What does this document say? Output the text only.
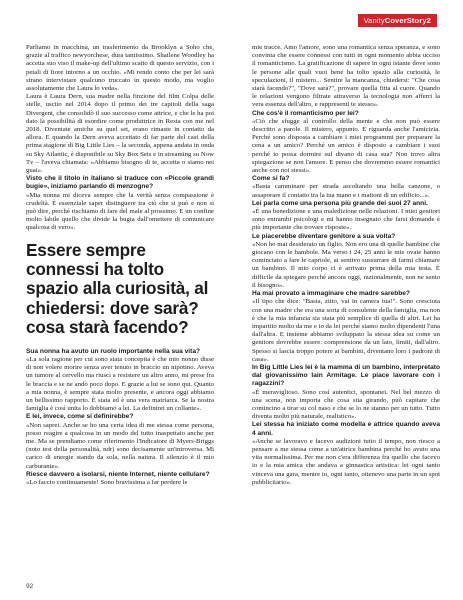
VanityCoverStory2

Parliamo in macchina, un trasferimento da Brooklyn a Soho che, grazie al traffico newyorchese, dura tantissimo. Shailene Woodley ha accetta suo viso il make-up dell'ultimo scatto di questo servizio, con i petali di fiore intorno a un occhio. «Mi rendo conto che per lei sarà strano intervistare qualcuno truccato in questo modo, ma voglio assolutamente che Laura lo veda».

Laura è Laura Dern, sua madre nella finzione del film Colpa delle stelle, uscito nel 2014 dopo il primo dei tre capitoli della saga Divergent, che consolidò il suo successo come attrice, e che le ha poi dato la possibilità di esordire come produttrice in Resta con me nel 2018. Diventate amiche su quel set, erano rimaste in contatto da allora. E quando la Dern aveva accettato di far parte del cast della prima stagione di Big Little Lies – la seconda, appena andata in onda su Sky Atlantic, è disponibile su Sky Box Sets e in streaming su Now Tv – l'aveva chiamata: «Abbiamo bisogno di te, accetta o siamo nei guai».

Visto che il titolo in italiano si traduce con «Piccole grandi bugie», iniziamo parlando di menzogne?

«Mia nonna mi diceva sempre che la verità senza compassione è crudeltà. È essenziale saper distinguere tra ciò che si può e non si può dire, perché rischiamo di fare del male al prossimo. E un confine molto labile quello che divide la bugia dall'omettere di comunicare qualcosa di vero».

Essere sempre connessi ha tolto spazio alla curiosità, al chiedersi: dove sarà? cosa starà facendo?

Sua nonna ha avuto un ruolo importante nella sua vita?

«La sola ragione per cui sono stata concepita è che mio nonno disse di non volere morire senza aver tenuto in braccio un nipotino. Aveva un tumore al cervello ma riuscì a resistere un altro anno, mi prese fra le braccia e se ne andò poco dopo. E grazie a lui se sono qui. Quanto a mia nonna, è sempre stata molto presente, e ancora oggi abbiamo un bellissimo rapporto. È stata ed è una vera matriarca. Se la nostra famiglia è così unita lo dobbiamo a lei. La definirei un collante».

E lei, invece, come si definirebbe?

«Non saprei. Anche se ho una certa idea di me stessa come persona, posso reagire a qualcosa in un modo del tutto inaspettato anche per me. Ma se prendiamo come riferimento l'Indicatore di Myers-Briggs (noto test della personalità, ndr) sono decisamente un'introversa. Mi carico di energie stando da sola, nella natura. Il silenzio è il mio carburante».

Riesce davvero a isolarsi, niente Internet, niente cellulare?

«Lo faccio continuamente! Sono bravissima a far perdere le

mie tracce. Amo l'amore, sono una romantica senza speranza, e sono convinta che essere connessi con tutti in ogni momento abbia ucciso il romanticismo. La gratificazione di sapere in ogni istante dove sono le persone alle quali vuoi bene ha tolto spazio alla curiosità, le speculazioni, il mistero... Sentire la mancanza, chiedersi: "Che cosa starà facendo?", "Dove sarà?", provare quella fitta al cuore. Quando le relazioni vengono filtrate attraverso la tecnologia non afferri la vera essenza dell'altro, e rappresenti te stesso».

Che cos'è il romanticismo per lei?

«Ciò che sfugge al controllo della mente e che non può essere descritto a parole. Il mistero, appunto. E riguarda anche l'amicizia. Perché sono disposta a cambiare i miei programmi per preparare la cena a un amico? Perché un amico è disposto a cambiare i suoi perché io possa dormire sul divano di casa sua? Non trovo altra spiegazione se non l'amore. E penso che dovremmo essere romantici anche con noi stessi».

Come si fa?

«Basta camminare per strada ascoltando una bella canzone, o assaporare il contatto tra la tua mano e i mattoni di un edificio...».

Lei parla come una persona più grande dei suoi 27 anni.

«È una benedizione e una maledizione nelle relazioni. I miei genitori sono entrambi psicologi e mi hanno insegnato che farsi domande è più importante che trovare risposte».

Le piacerebbe diventare genitore a sua volta?

«Non ho mai desiderato un figlio. Non ero una di quelle bambine che giocano con le bambole. Ma verso i 24, 25 anni le mie ovaie hanno cominciato a fare le capriole, ai sentivo sussurrare di farmi chiamare un bambino. Il mio corpo ci è arrivato prima della mia testa. È difficile da spiegare perché ancora oggi, razionalmente, non ne sento il bisogno».

Ha mai provato a immaginare che madre sarebbe?

«Il tipo che dice: "Basta, zitto, vai in camera tua!". Sono cresciuta con una madre che era una sorta di consulente della famiglia, ma non è che la mia infanzia sia stata più semplice di quella di altri. Lei ha impartito molto da me e io da lei perché siamo molto dipendenti l'una dall'altra. E insieme abbiamo sviluppato la stessa idea su come un genitore dovrebbe essere: comprensione da un lato, limiti, dall'altro. Spesso si lascia troppo potere ai bambini, diventano loro i padroni di casa».

In Big Little Lies lei è la mamma di un bambino, interpretato dal giovanissimo Iain Armitage. Le piace lavorare con i ragazzini?

«È meraviglioso. Sono così autentici, spontanei. Nel bel mezzo di una scena, non importa che cosa stia girando, può capitare che comincino a tirar su col naso e che se lo ne stanno per un tutto. Tutto diventa molto più naturale, realistico».

Lei stessa ha iniziato come modella e attrice quando aveva 4 anni.

«Anche se lavoravo e facevo audizioni tutto il tempo, non riesco a pensare a me stessa come a un'attrice bambina perché ho avuto una vita normalissima. Per me non c'era differenza fra quello che facevo io e la mia amica che andava a ginnastica artistica: lei ogni tanto vinceva una gara, mentre io, ogni tanto, ottenevo una parte in un spot pubblicitario».

92
